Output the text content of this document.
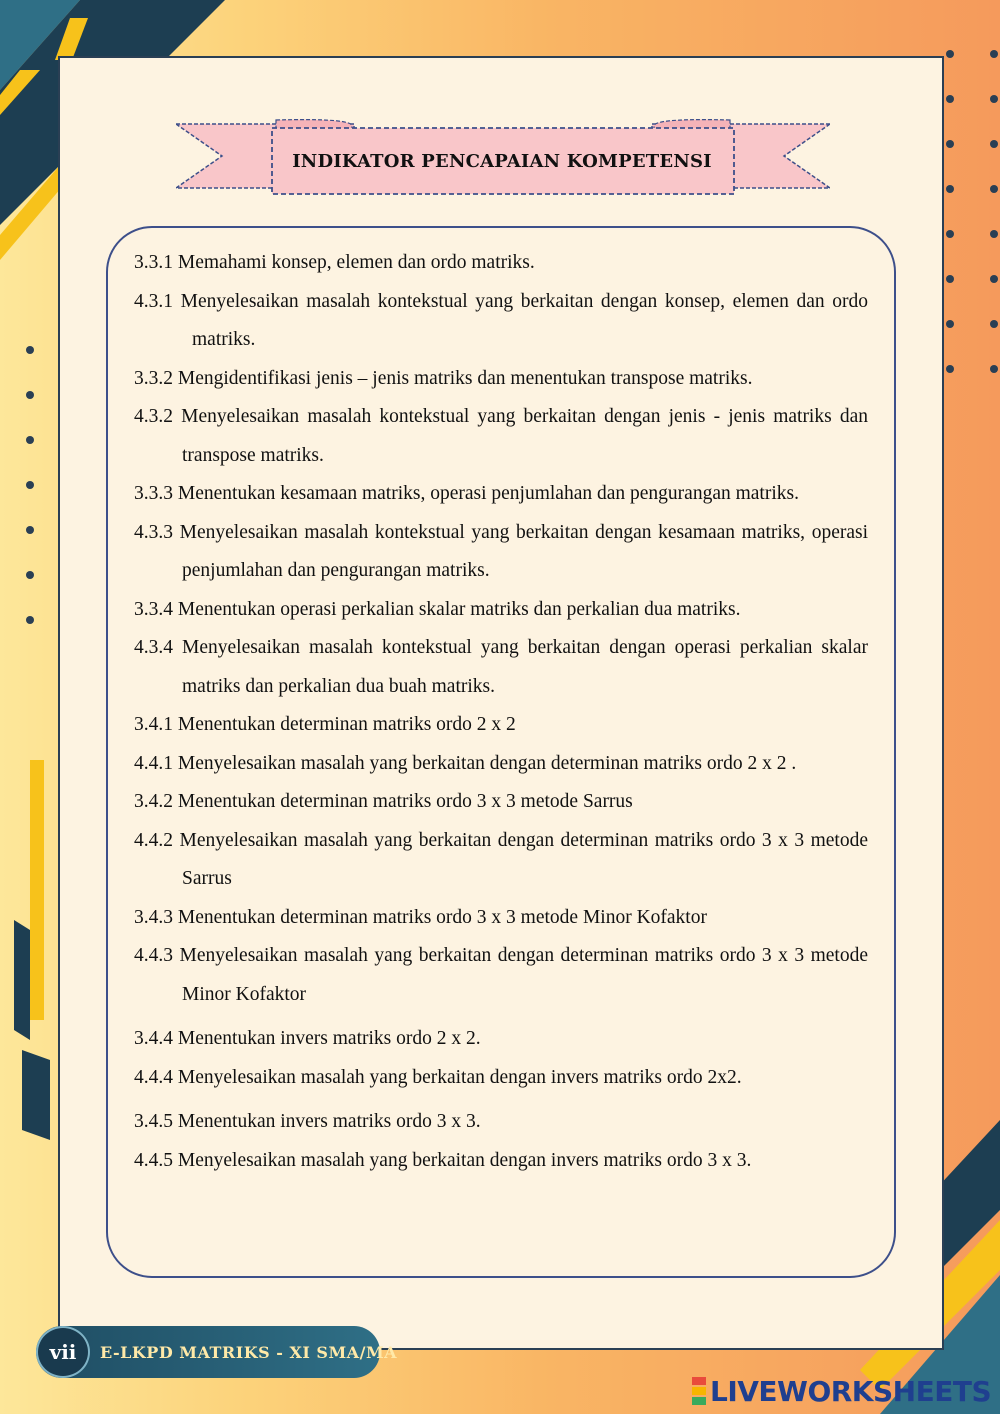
INDIKATOR PENCAPAIAN KOMPETENSI
3.3.1 Memahami konsep, elemen dan ordo matriks.
4.3.1 Menyelesaikan masalah kontekstual yang berkaitan dengan konsep, elemen dan ordo matriks.
3.3.2 Mengidentifikasi jenis – jenis matriks dan menentukan transpose matriks.
4.3.2 Menyelesaikan masalah kontekstual yang berkaitan dengan jenis - jenis matriks dan transpose matriks.
3.3.3 Menentukan kesamaan matriks, operasi penjumlahan dan pengurangan matriks.
4.3.3 Menyelesaikan masalah kontekstual yang berkaitan dengan kesamaan matriks, operasi penjumlahan dan pengurangan matriks.
3.3.4 Menentukan operasi perkalian skalar matriks dan perkalian dua matriks.
4.3.4 Menyelesaikan masalah kontekstual yang berkaitan dengan operasi perkalian skalar matriks dan perkalian dua buah matriks.
3.4.1 Menentukan determinan matriks ordo 2 x 2
4.4.1 Menyelesaikan masalah yang berkaitan dengan determinan matriks ordo 2 x 2 .
3.4.2 Menentukan determinan matriks ordo 3 x 3 metode Sarrus
4.4.2 Menyelesaikan masalah yang berkaitan dengan determinan matriks ordo 3 x 3 metode Sarrus
3.4.3 Menentukan determinan matriks ordo 3 x 3 metode Minor Kofaktor
4.4.3 Menyelesaikan masalah yang berkaitan dengan determinan matriks ordo 3 x 3 metode Minor Kofaktor
3.4.4 Menentukan invers matriks ordo 2 x 2.
4.4.4 Menyelesaikan masalah yang berkaitan dengan invers matriks ordo 2x2.
3.4.5 Menentukan invers matriks ordo 3 x 3.
4.4.5 Menyelesaikan masalah yang berkaitan dengan invers matriks ordo 3 x 3.
vii	E-LKPD MATRIKS - XI SMA/MA
LIVEWORKSHEETS
